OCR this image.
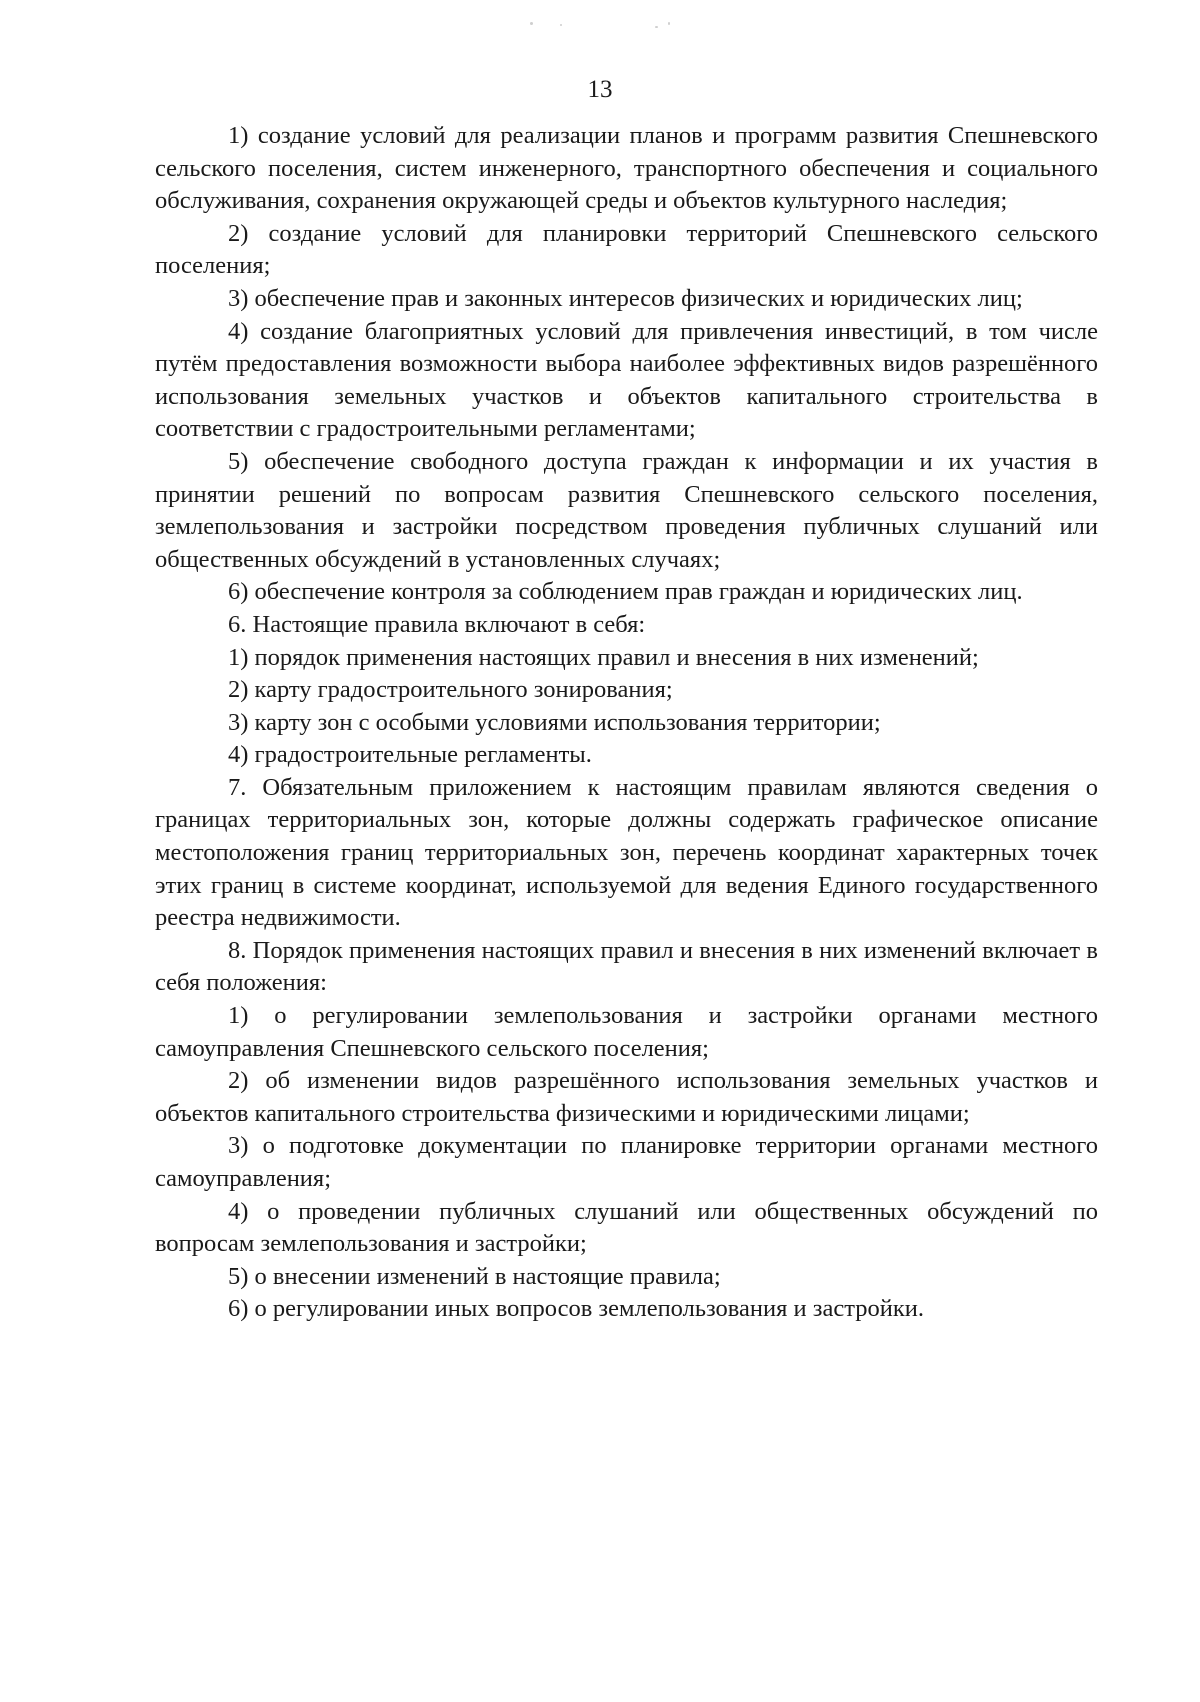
13

1) создание условий для реализации планов и программ развития Спешневского сельского поселения, систем инженерного, транспортного обеспечения и социального обслуживания, сохранения окружающей среды и объектов культурного наследия;

2) создание условий для планировки территорий Спешневского сельского поселения;

3) обеспечение прав и законных интересов физических и юридических лиц;

4) создание благоприятных условий для привлечения инвестиций, в том числе путём предоставления возможности выбора наиболее эффективных видов разрешённого использования земельных участков и объектов капитального строительства в соответствии с градостроительными регламентами;

5) обеспечение свободного доступа граждан к информации и их участия в принятии решений по вопросам развития Спешневского сельского поселения, землепользования и застройки посредством проведения публичных слушаний или общественных обсуждений в установленных случаях;

6) обеспечение контроля за соблюдением прав граждан и юридических лиц.

6. Настоящие правила включают в себя:

1) порядок применения настоящих правил и внесения в них изменений;

2) карту градостроительного зонирования;

3) карту зон с особыми условиями использования территории;

4) градостроительные регламенты.

7. Обязательным приложением к настоящим правилам являются сведения о границах территориальных зон, которые должны содержать графическое описание местоположения границ территориальных зон, перечень координат характерных точек этих границ в системе координат, используемой для ведения Единого государственного реестра недвижимости.

8. Порядок применения настоящих правил и внесения в них изменений включает в себя положения:

1) о регулировании землепользования и застройки органами местного самоуправления Спешневского сельского поселения;

2) об изменении видов разрешённого использования земельных участков и объектов капитального строительства физическими и юридическими лицами;

3) о подготовке документации по планировке территории органами местного самоуправления;

4) о проведении публичных слушаний или общественных обсуждений по вопросам землепользования и застройки;

5) о внесении изменений в настоящие правила;

6) о регулировании иных вопросов землепользования и застройки.
